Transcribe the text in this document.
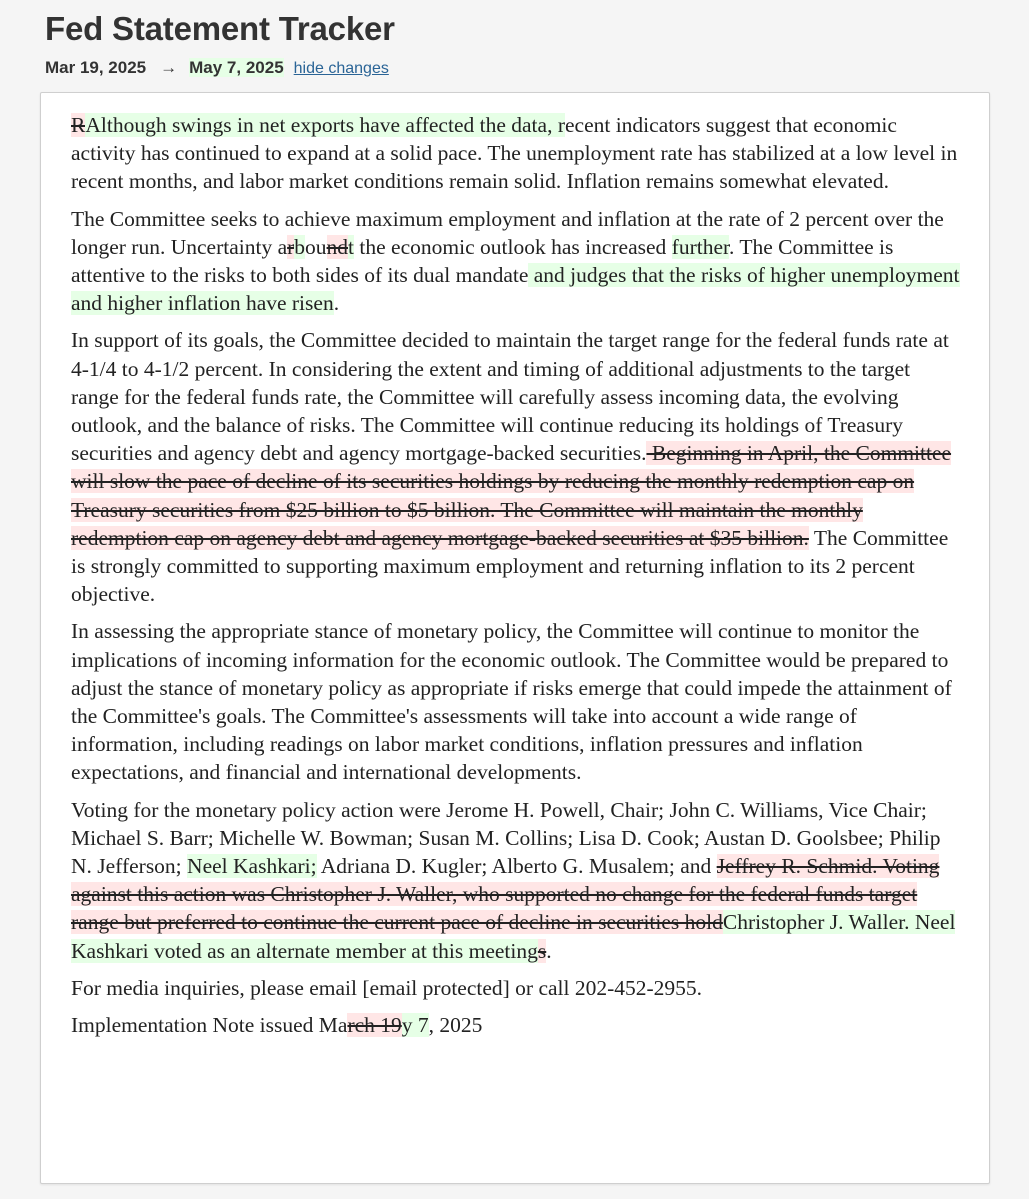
Fed Statement Tracker
Mar 19, 2025 → May 7, 2025 hide changes

RAlthough swings in net exports have affected the data, recent indicators suggest that economic activity has continued to expand at a solid pace. The unemployment rate has stabilized at a low level in recent months, and labor market conditions remain solid. Inflation remains somewhat elevated.

The Committee seeks to achieve maximum employment and inflation at the rate of 2 percent over the longer run. Uncertainty arboundt the economic outlook has increased further. The Committee is attentive to the risks to both sides of its dual mandate and judges that the risks of higher unemployment and higher inflation have risen.

In support of its goals, the Committee decided to maintain the target range for the federal funds rate at 4-1/4 to 4-1/2 percent. In considering the extent and timing of additional adjustments to the target range for the federal funds rate, the Committee will carefully assess incoming data, the evolving outlook, and the balance of risks. The Committee will continue reducing its holdings of Treasury securities and agency debt and agency mortgage-backed securities. Beginning in April, the Committee will slow the pace of decline of its securities holdings by reducing the monthly redemption cap on Treasury securities from $25 billion to $5 billion. The Committee will maintain the monthly redemption cap on agency debt and agency mortgage-backed securities at $35 billion. The Committee is strongly committed to supporting maximum employment and returning inflation to its 2 percent objective.

In assessing the appropriate stance of monetary policy, the Committee will continue to monitor the implications of incoming information for the economic outlook. The Committee would be prepared to adjust the stance of monetary policy as appropriate if risks emerge that could impede the attainment of the Committee's goals. The Committee's assessments will take into account a wide range of information, including readings on labor market conditions, inflation pressures and inflation expectations, and financial and international developments.

Voting for the monetary policy action were Jerome H. Powell, Chair; John C. Williams, Vice Chair; Michael S. Barr; Michelle W. Bowman; Susan M. Collins; Lisa D. Cook; Austan D. Goolsbee; Philip N. Jefferson; Neel Kashkari; Adriana D. Kugler; Alberto G. Musalem; and Jeffrey R. Schmid. Voting against this action was Christopher J. Waller, who supported no change for the federal funds target range but preferred to continue the current pace of decline in securities holdChristopher J. Waller. Neel Kashkari voted as an alternate member at this meetings.

For media inquiries, please email [email protected] or call 202-452-2955.

Implementation Note issued March 19y 7, 2025
